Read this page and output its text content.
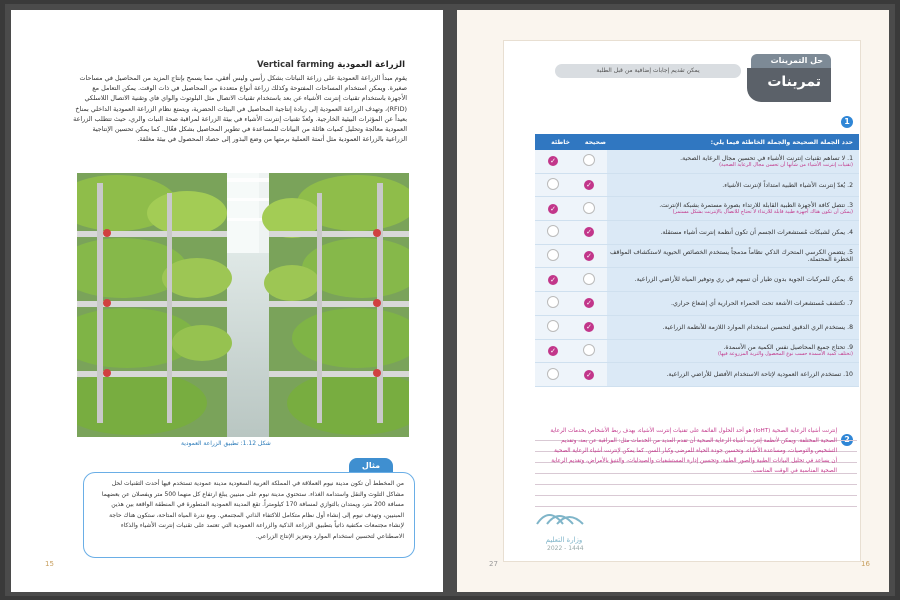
الزراعة العمودية Vertical farming
يقوم مبدأ الزراعة العمودية على زراعة النباتات بشكل رأسي وليس أفقي، مما يسمح بإنتاج المزيد من المحاصيل في مساحات صغيرة. ويمكن استخدام المساحات المفتوحة وكذلك زراعة أنواع متعددة من المحاصيل في ذات الوقت. يمكن التعامل مع الأجهزة باستخدام تقنيات إنترنت الأشياء عن بعد باستخدام تقنيات الاتصال مثل البلوتوث والواي فاي وتقنية الاتصال اللاسلكي (RFID)، وتهدف الزراعة العمودية إلى زيادة إنتاجية المحاصيل في البيئات الحضرية، ويتمتع نظام الزراعة العمودية الداخلي بمناخ بعيداً عن المؤثرات البيئية الخارجية. وتُعدّ تقنيات إنترنت الأشياء في بيئة الزراعة لمراقبة صحة النبات والري، حيث تتطلب الزراعة العمودية معالجة وتحليل كميات هائلة من البيانات للمساعدة في تطوير المحاصيل بشكل فعّال. كما يمكن تحسين الإنتاجية الزراعية بالزراعة العمودية مثل أتمتة العملية برمتها من وضع البذور إلى حصاد المحصول في بيئة مغلقة.
شكل 1.12: تطبيق الزراعة العمودية
مثال
من المخطط أن تكون مدينة نيوم العملاقة في المملكة العربية السعودية مدينة عمودية تستخدم فيها أحدث التقنيات لحل مشاكل التلوث والنقل واستدامة الغذاء. ستحتوي مدينة نيوم على مبنيين يبلغ ارتفاع كل منهما 500 متر ويفصلان عن بعضهما مسافة 200 متر، ويمتدان بالتوازي لمسافة 170 كيلومتراً. تقع المدينة العمودية المتطورة في المنطقة الواقعة بين هذين المبنيين، وتهدف نيوم إلى إنشاء أول نظام متكامل للاكتفاء الذاتي المجتمعي. ومع ندرة المياه المتاحة، ستكون هناك حاجة لإنشاء مجتمعات مكتفية ذاتياً بتطبيق الزراعة الذكية والزراعة العمودية التي تعتمد على تقنيات إنترنت الأشياء والذكاء الاصطناعي لتحسين استخدام الموارد وتعزيز الإنتاج الزراعي.
15
حل التمرينات
تمرينات
يمكن تقديم إجابات إضافية من قبل الطلبة
1
حدد الجملة الصحيحة والجملة الخاطئة فيما يلي:	صحيحة	خاطئة
1. لا تساهم تقنيات إنترنت الأشياء في تحسين مجال الرعاية الصحية.
(تقنيات إنترنت الأشياء من شأنها أن تحسن مجال الرعاية الصحية)		✓
2. يُعدّ إنترنت الأشياء الطبية امتداداً لإنترنت الأشياء.	✓	
3. تتصل كافة الأجهزة الطبية القابلة للارتداء بصورة مستمرة بشبكة الإنترنت.
(يمكن أن تكون هناك أجهزة طبية قابلة للارتداء لا تحتاج للاتصال بالإنترنت بشكل مستمر)		✓
4. يمكن لشبكات مُستشعرات الجسم أن تكون أنظمة إنترنت أشياء مستقلة.	✓	
5. يتضمن الكرسي المتحرك الذكي نظاماً مدمجاً يستخدم الخصائص الحيوية لاستكشاف المواقف الخطرة المحتملة.	✓	
6. يمكن للمركبات الجوية بدون طيار أن تسهم في ري وتوفير المياه للأراضي الزراعية.		✓
7. تكتشف مُستشعرات الأشعة تحت الحمراء الحرارية أي إشعاع حراري.	✓	
8. يستخدم الري الدقيق لتحسين استخدام الموارد اللازمة للأنظمة الزراعية.	✓	
9. تحتاج جميع المحاصيل نفس الكمية من الأسمدة.
(تختلف كمية الأسمدة حسب نوع المحصول والتربة المزروعة فيها)		✓
10. تستخدم الزراعة العمودية لإتاحة الاستخدام الأفضل للأراضي الزراعية.	✓	
2
إنترنت أشياء الرعاية الصحية (IoHT) هو أحد الحلول القائمة على تقنيات إنترنت الأشياء، بهدف ربط الأشخاص بخدمات الرعاية الصحية المختلفة. ويمكن لأنظمة إنترنت أشياء الرعاية الصحية أن تقدم العديد من الخدمات مثل: المراقبة عن بعد، وتقديم التشخيص والتوصيات، ومساعدة الأطباء، وتحسين جودة الحياة للمرضى وكبار السن. كما يمكن لإنترنت أشياء الرعاية الصحية أن يساعد في تحليل البيانات الطبية والصور الطبية، وتحسين إدارة المستشفيات والصيدليات، والتنبؤ بالأمراض، وتقديم الرعاية الصحية المناسبة في الوقت المناسب.
وزارة التعليم
2022 - 1444
27	16
